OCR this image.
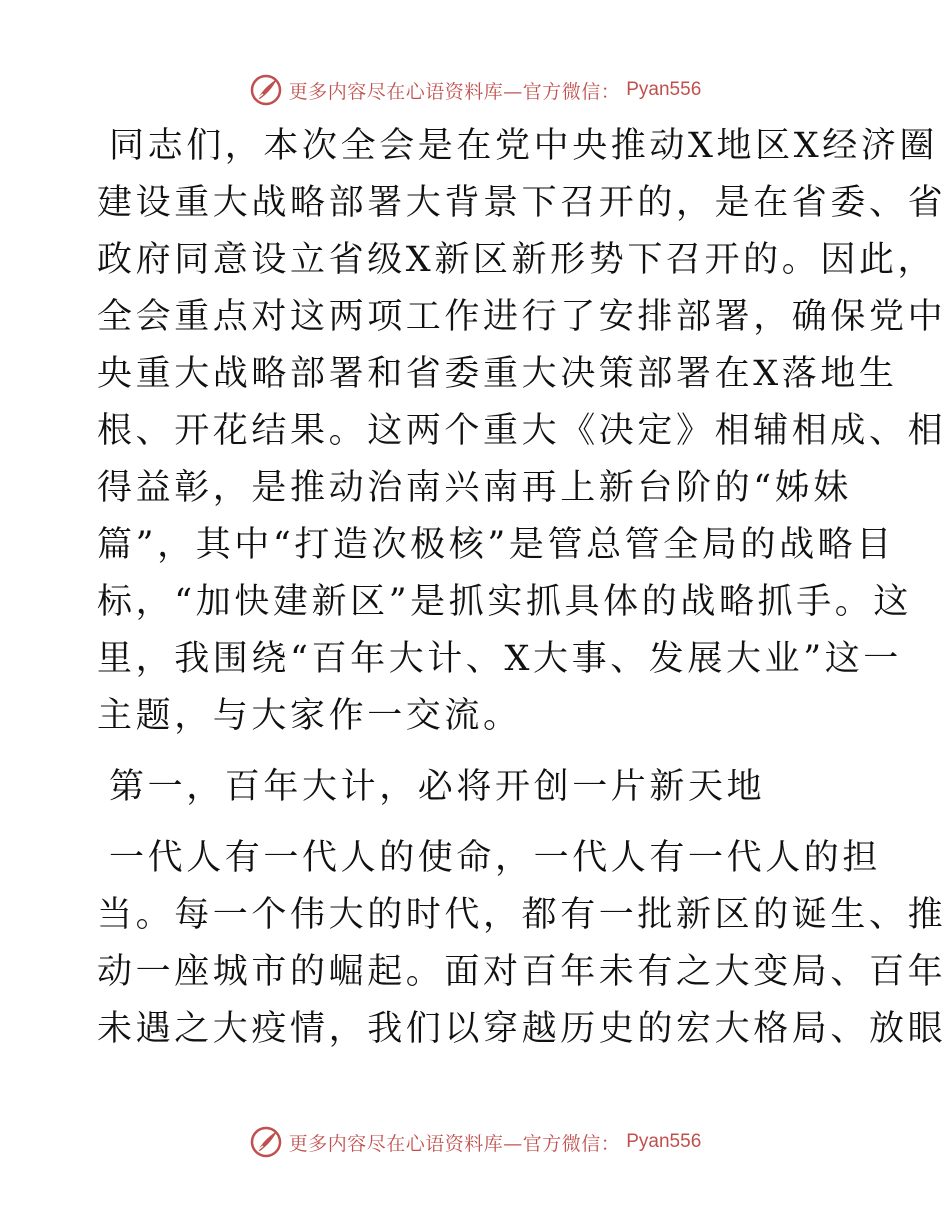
更多内容尽在心语资料库—官方微信： Pyan556
同志们，本次全会是在党中央推动X地区X经济圈
建设重大战略部署大背景下召开的，是在省委、省
政府同意设立省级X新区新形势下召开的。因此，
全会重点对这两项工作进行了安排部署，确保党中
央重大战略部署和省委重大决策部署在X落地生
根、开花结果。这两个重大《决定》相辅相成、相
得益彰，是推动治南兴南再上新台阶的“姊妹
篇”，其中“打造次极核”是管总管全局的战略目
标，“加快建新区”是抓实抓具体的战略抓手。这
里，我围绕“百年大计、X大事、发展大业”这一
主题，与大家作一交流。
第一，百年大计，必将开创一片新天地
一代人有一代人的使命，一代人有一代人的担
当。每一个伟大的时代，都有一批新区的诞生、推
动一座城市的崛起。面对百年未有之大变局、百年
未遇之大疫情，我们以穿越历史的宏大格局、放眼
更多内容尽在心语资料库—官方微信： Pyan556
